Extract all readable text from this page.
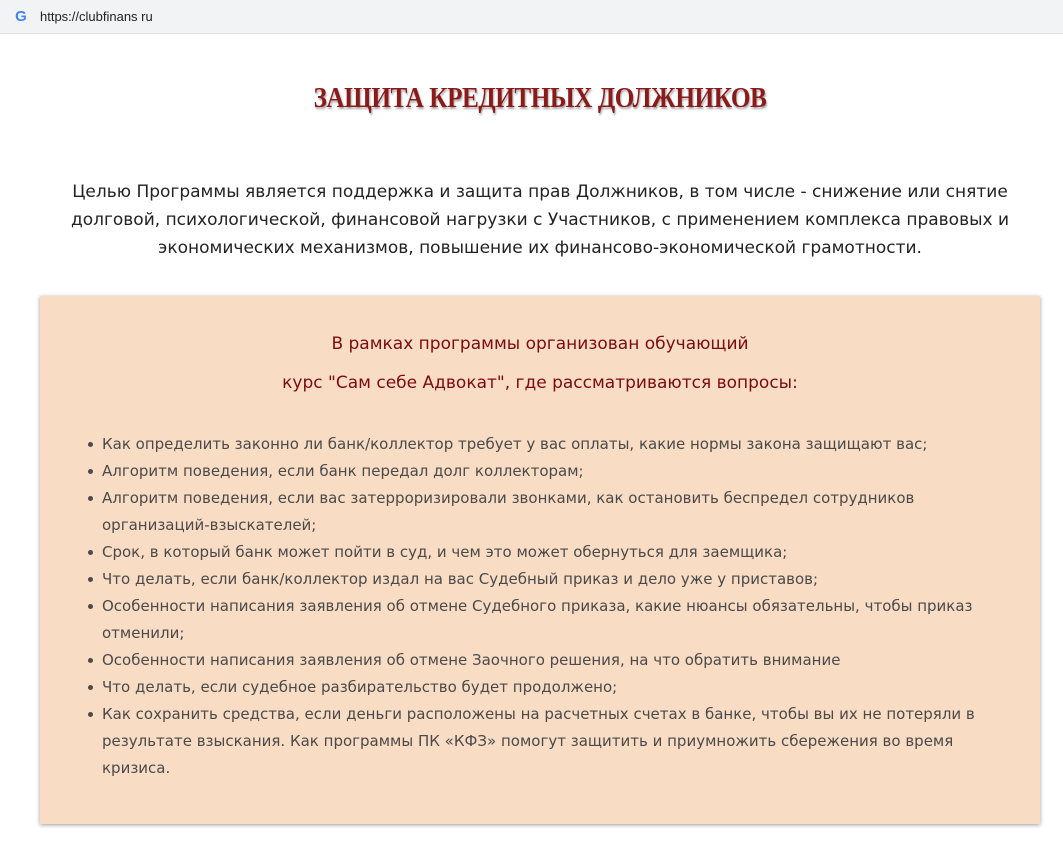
G	https://clubfinans ru
ЗАЩИТА КРЕДИТНЫХ ДОЛЖНИКОВ
Целью Программы является поддержка и защита прав Должников, в том числе - снижение или снятие долговой, психологической, финансовой нагрузки с Участников, с применением комплекса правовых и экономических механизмов, повышение их финансово-экономической грамотности.
В рамках программы организован обучающий
курс "Сам себе Адвокат", где рассматриваются вопросы:
Как определить законно ли банк/коллектор требует у вас оплаты, какие нормы закона защищают вас;
Алгоритм поведения, если банк передал долг коллекторам;
Алгоритм поведения, если вас затерроризировали звонками, как остановить беспредел сотрудников организаций-взыскателей;
Срок, в который банк может пойти в суд, и чем это может обернуться для заемщика;
Что делать, если банк/коллектор издал на вас Судебный приказ и дело уже у приставов;
Особенности написания заявления об отмене Судебного приказа, какие нюансы обязательны, чтобы приказ отменили;
Особенности написания заявления об отмене Заочного решения, на что обратить внимание
Что делать, если судебное разбирательство будет продолжено;
Как сохранить средства, если деньги расположены на расчетных счетах в банке, чтобы вы их не потеряли в результате взыскания. Как программы ПК «КФЗ» помогут защитить и приумножить сбережения во время кризиса.
